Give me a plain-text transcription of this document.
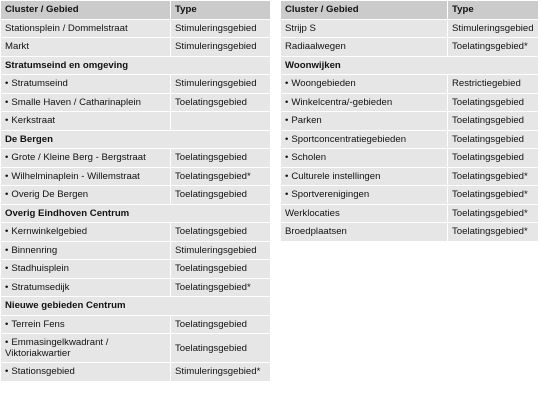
Cluster / Gebied	Type
Stationsplein / Dommelstraat	Stimuleringsgebied
Markt	Stimuleringsgebied
Stratumseind en omgeving	
• Stratumseind	Stimuleringsgebied
• Smalle Haven / Catharinaplein	Toelatingsgebied
• Kerkstraat	
De Bergen	
• Grote / Kleine Berg - Bergstraat	Toelatingsgebied
• Wilhelminaplein - Willemstraat	Toelatingsgebied*
• Overig De Bergen	Toelatingsgebied
Overig Eindhoven Centrum	
• Kernwinkelgebied	Toelatingsgebied
• Binnenring	Stimuleringsgebied
• Stadhuisplein	Toelatingsgebied
• Stratumsedijk	Toelatingsgebied*
Nieuwe gebieden Centrum	
• Terrein Fens	Toelatingsgebied
• Emmasingelkwadrant / Viktoriakwartier	Toelatingsgebied
• Stationsgebied	Stimuleringsgebied*
Cluster / Gebied	Type
Strijp S	Stimuleringsgebied
Radiaalwegen	Toelatingsgebied*
Woonwijken	
• Woongebieden	Restrictiegebied
• Winkelcentra/-gebieden	Toelatingsgebied
• Parken	Toelatingsgebied
• Sportconcentratiegebieden	Toelatingsgebied
• Scholen	Toelatingsgebied
• Culturele instellingen	Toelatingsgebied*
• Sportverenigingen	Toelatingsgebied*
Werklocaties	Toelatingsgebied*
Broedplaatsen	Toelatingsgebied*
